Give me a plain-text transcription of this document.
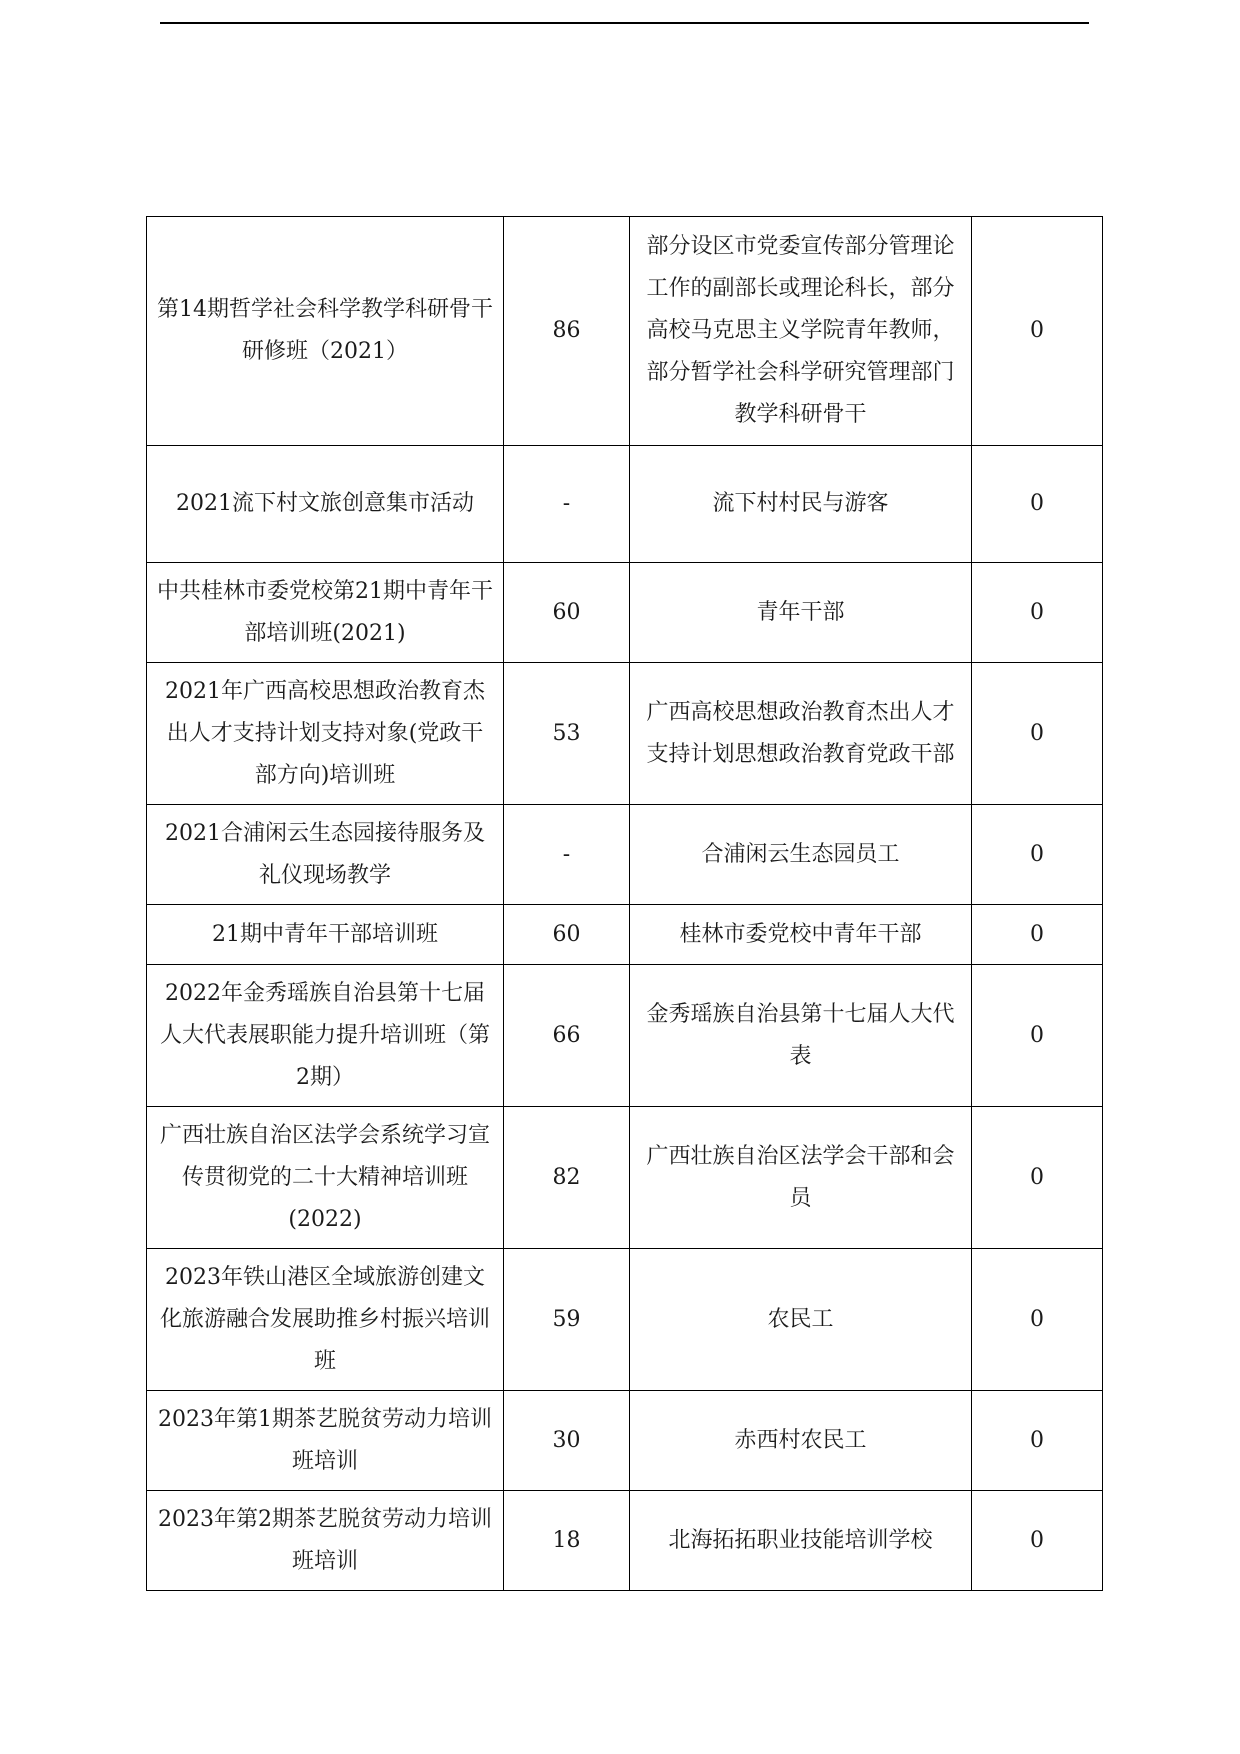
第14期哲学社会科学教学科研骨干研修班（2021）	86	部分设区市党委宣传部分管理论工作的副部长或理论科长，部分高校马克思主义学院青年教师，部分暂学社会科学研究管理部门教学科研骨干	0

2021流下村文旅创意集市活动	-	流下村村民与游客	0

中共桂林市委党校第21期中青年干部培训班(2021)	60	青年干部	0

2021年广西高校思想政治教育杰出人才支持计划支持对象(党政干部方向)培训班	53	广西高校思想政治教育杰出人才支持计划思想政治教育党政干部	0

2021合浦闲云生态园接待服务及礼仪现场教学	-	合浦闲云生态园员工	0

21期中青年干部培训班	60	桂林市委党校中青年干部	0

2022年金秀瑶族自治县第十七届人大代表展职能力提升培训班（第2期）	66	金秀瑶族自治县第十七届人大代表	0

广西壮族自治区法学会系统学习宣传贯彻党的二十大精神培训班(2022)	82	广西壮族自治区法学会干部和会员	0

2023年铁山港区全域旅游创建文化旅游融合发展助推乡村振兴培训班	59	农民工	0

2023年第1期茶艺脱贫劳动力培训班培训	30	赤西村农民工	0

2023年第2期茶艺脱贫劳动力培训班培训	18	北海拓拓职业技能培训学校	0
